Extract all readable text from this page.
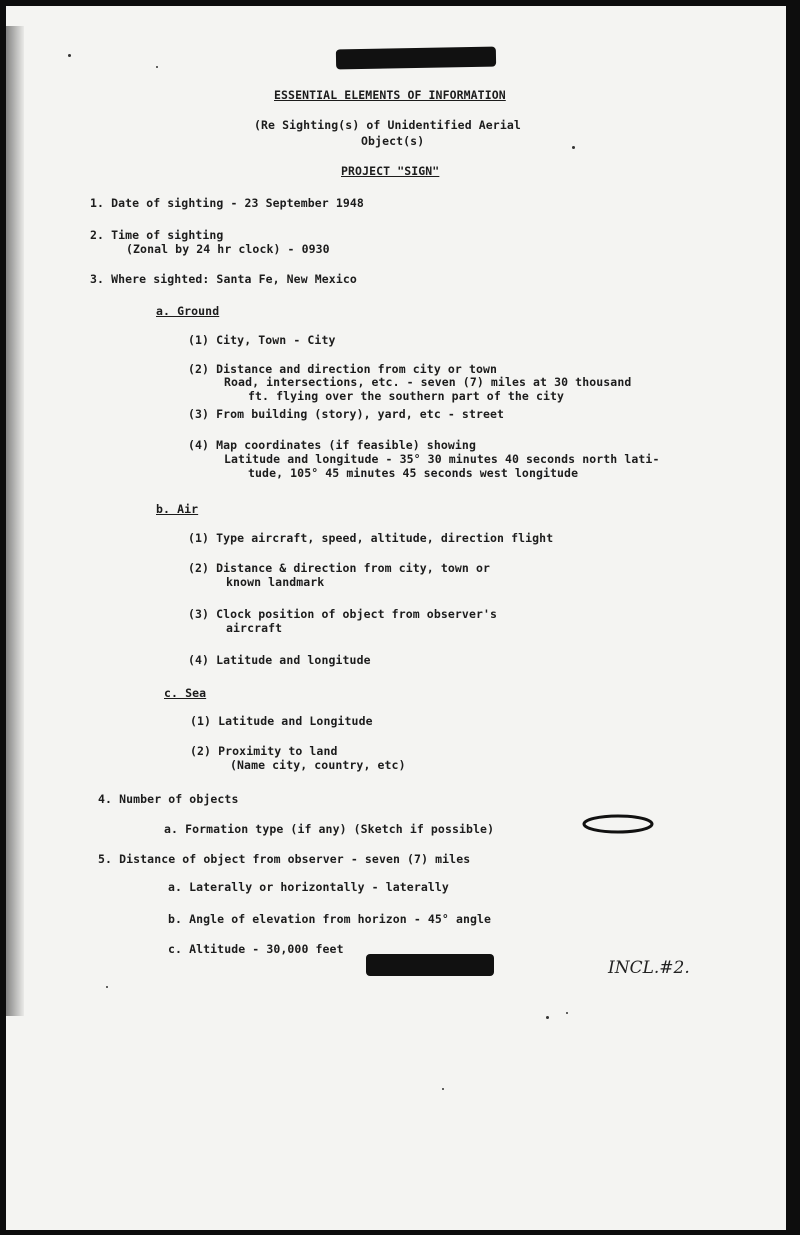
ESSENTIAL ELEMENTS OF INFORMATION

(Re Sighting(s) of Unidentified Aerial

Object(s)

PROJECT "SIGN"

1. Date of sighting - 23 September 1948

2. Time of sighting

(Zonal by 24 hr clock) - 0930

3. Where sighted: Santa Fe, New Mexico

a. Ground

(1) City, Town - City

(2) Distance and direction from city or town

Road, intersections, etc. - seven (7) miles at 30 thousand

ft. flying over the southern part of the city

(3) From building (story), yard, etc - street

(4) Map coordinates (if feasible) showing

Latitude and longitude - 35° 30 minutes 40 seconds north lati-

tude, 105° 45 minutes 45 seconds west longitude

b. Air

(1) Type aircraft, speed, altitude, direction flight

(2) Distance & direction from city, town or

known landmark

(3) Clock position of object from observer's

aircraft

(4) Latitude and longitude

c. Sea

(1) Latitude and Longitude

(2) Proximity to land

(Name city, country, etc)

4. Number of objects

a. Formation type (if any) (Sketch if possible)

5. Distance of object from observer - seven (7) miles

a. Laterally or horizontally - laterally

b. Angle of elevation from horizon - 45° angle

c. Altitude - 30,000 feet

INCL.#2.
